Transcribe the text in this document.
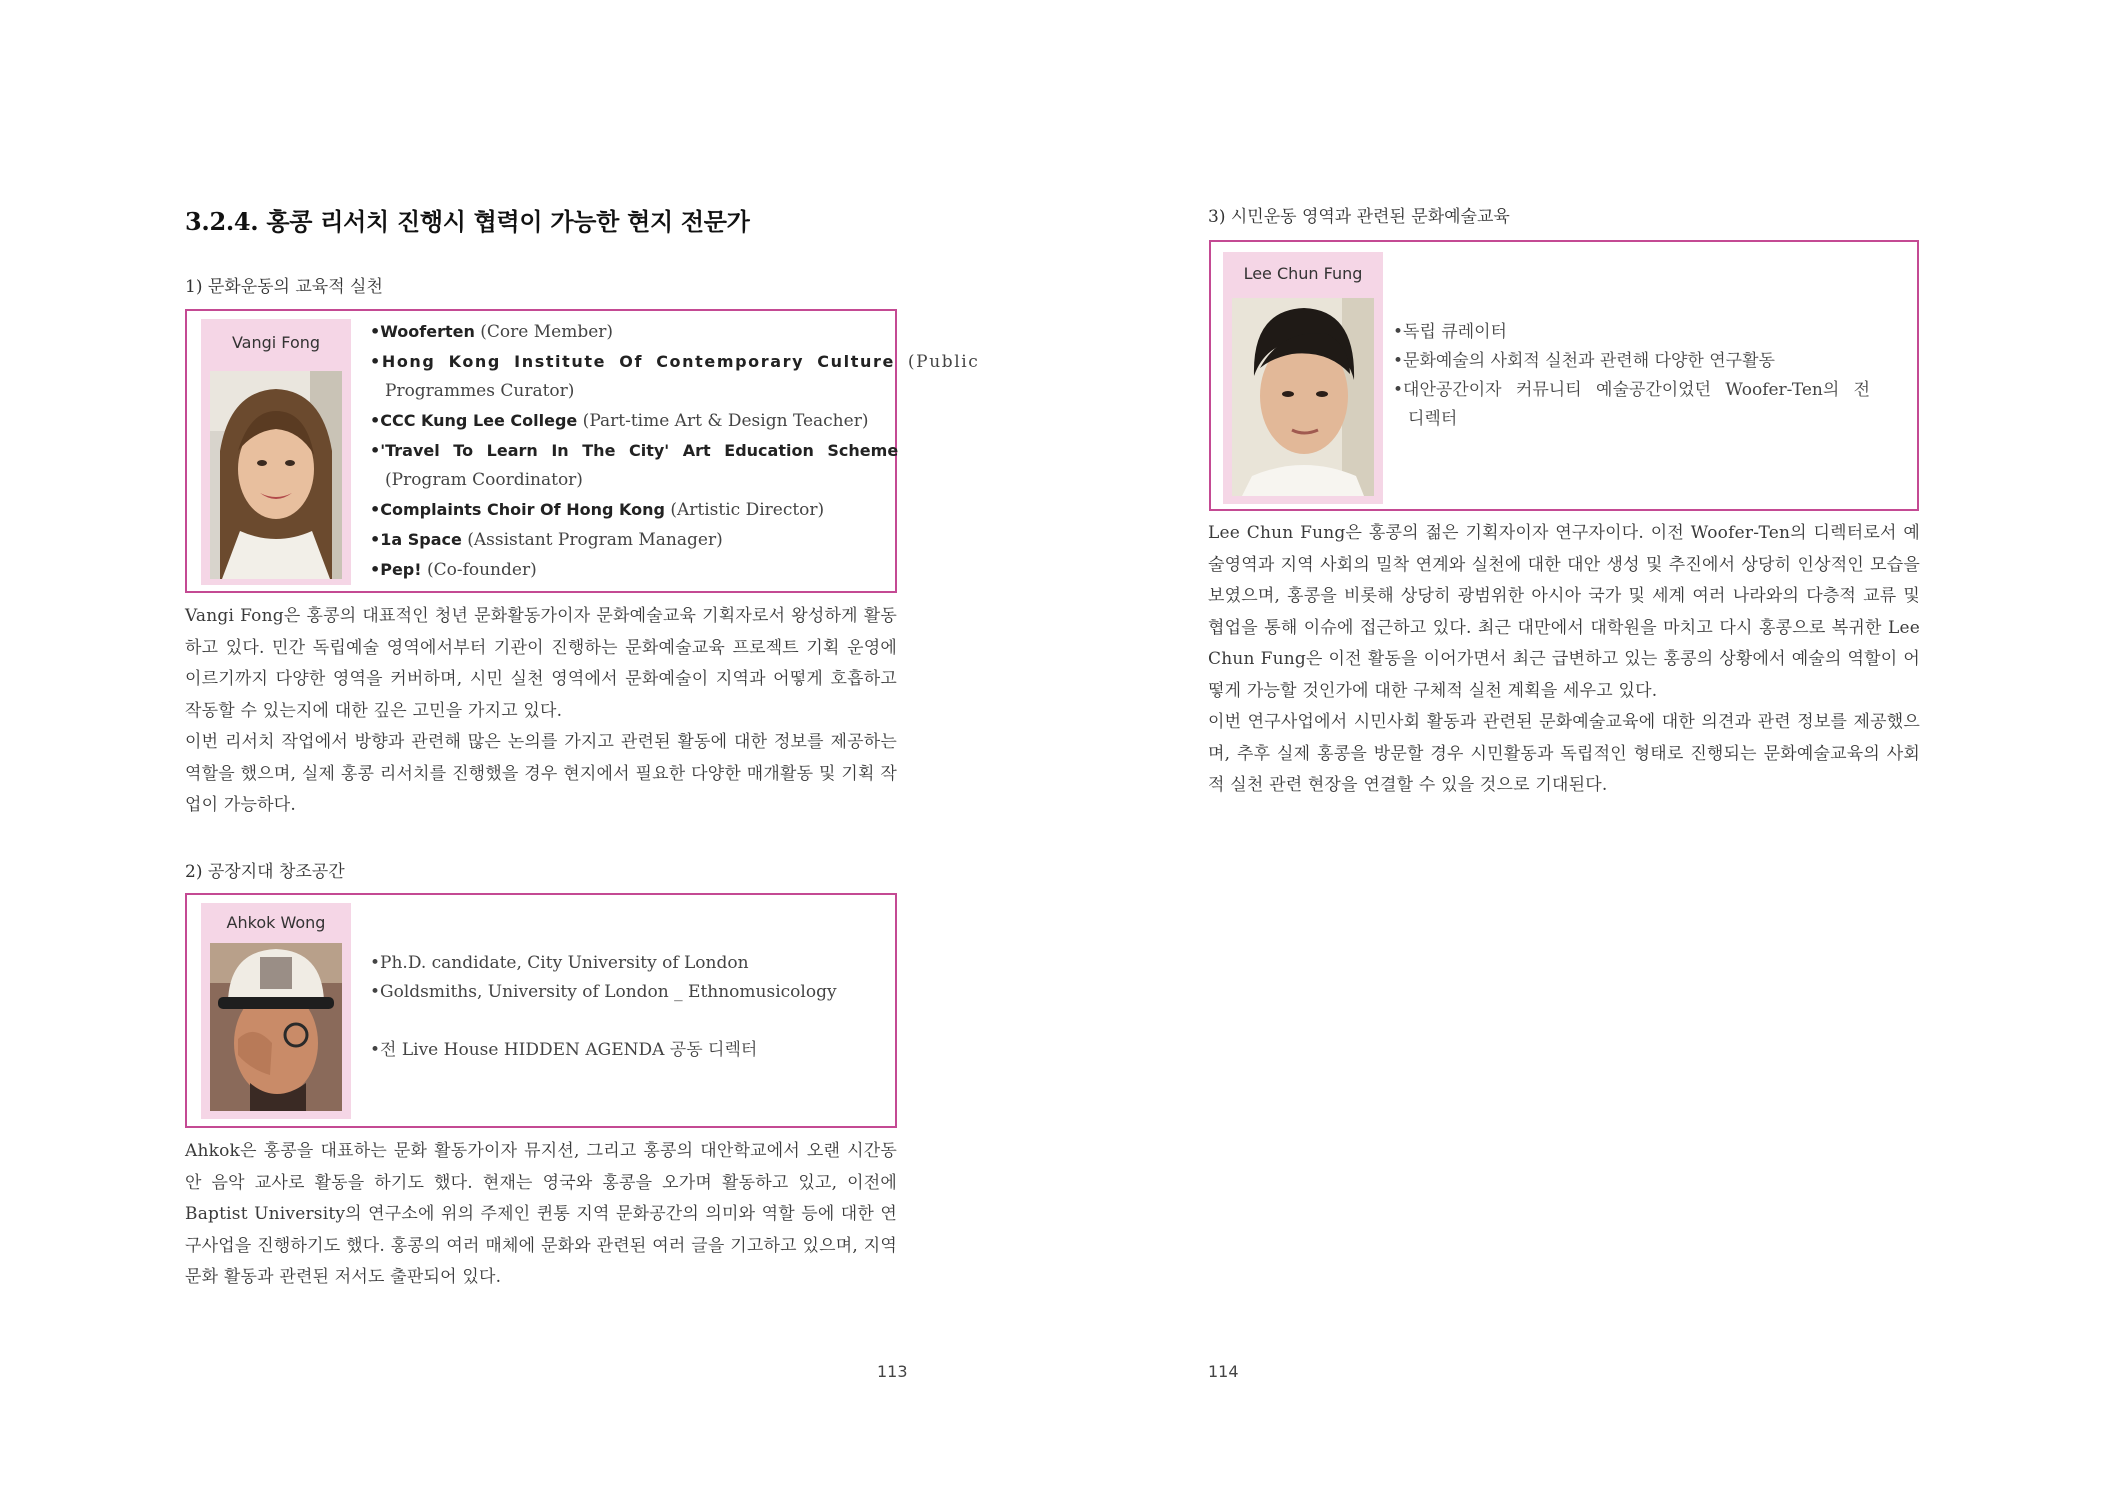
3.2.4. 홍콩 리서치 진행시 협력이 가능한 현지 전문가
1) 문화운동의 교육적 실천
Vangi Fong
•Wooferten (Core Member)
•Hong Kong Institute Of Contemporary Culture (Public
Programmes Curator)
•CCC Kung Lee College (Part-time Art & Design Teacher)
•'Travel To Learn In The City' Art Education Scheme
(Program Coordinator)
•Complaints Choir Of Hong Kong (Artistic Director)
•1a Space (Assistant Program Manager)
•Pep! (Co-founder)

Vangi Fong은 홍콩의 대표적인 청년 문화활동가이자 문화예술교육 기획자로서 왕성하게 활동하고 있다. 민간 독립예술 영역에서부터 기관이 진행하는 문화예술교육 프로젝트 기획 운영에 이르기까지 다양한 영역을 커버하며, 시민 실천 영역에서 문화예술이 지역과 어떻게 호흡하고 작동할 수 있는지에 대한 깊은 고민을 가지고 있다.

이번 리서치 작업에서 방향과 관련해 많은 논의를 가지고 관련된 활동에 대한 정보를 제공하는 역할을 했으며, 실제 홍콩 리서치를 진행했을 경우 현지에서 필요한 다양한 매개활동 및 기획 작업이 가능하다.

2) 공장지대 창조공간
Ahkok Wong
•Ph.D. candidate, City University of London
•Goldsmiths, University of London _ Ethnomusicology
•전 Live House HIDDEN AGENDA 공동 디렉터

Ahkok은 홍콩을 대표하는 문화 활동가이자 뮤지션, 그리고 홍콩의 대안학교에서 오랜 시간동안 음악 교사로 활동을 하기도 했다. 현재는 영국와 홍콩을 오가며 활동하고 있고, 이전에 Baptist University의 연구소에 위의 주제인 퀸통 지역 문화공간의 의미와 역할 등에 대한 연구사업을 진행하기도 했다. 홍콩의 여러 매체에 문화와 관련된 여러 글을 기고하고 있으며, 지역 문화 활동과 관련된 저서도 출판되어 있다.

113
3) 시민운동 영역과 관련된 문화예술교육
Lee Chun Fung
•독립 큐레이터
•문화예술의 사회적 실천과 관련해 다양한 연구활동
•대안공간이자 커뮤니티 예술공간이었던 Woofer-Ten의 전
디렉터

Lee Chun Fung은 홍콩의 젊은 기획자이자 연구자이다. 이전 Woofer-Ten의 디렉터로서 예술영역과 지역 사회의 밀착 연계와 실천에 대한 대안 생성 및 추진에서 상당히 인상적인 모습을 보였으며, 홍콩을 비롯해 상당히 광범위한 아시아 국가 및 세계 여러 나라와의 다층적 교류 및 협업을 통해 이슈에 접근하고 있다. 최근 대만에서 대학원을 마치고 다시 홍콩으로 복귀한 Lee Chun Fung은 이전 활동을 이어가면서 최근 급변하고 있는 홍콩의 상황에서 예술의 역할이 어떻게 가능할 것인가에 대한 구체적 실천 계획을 세우고 있다.

이번 연구사업에서 시민사회 활동과 관련된 문화예술교육에 대한 의견과 관련 정보를 제공했으며, 추후 실제 홍콩을 방문할 경우 시민활동과 독립적인 형태로 진행되는 문화예술교육의 사회적 실천 관련 현장을 연결할 수 있을 것으로 기대된다.

114
